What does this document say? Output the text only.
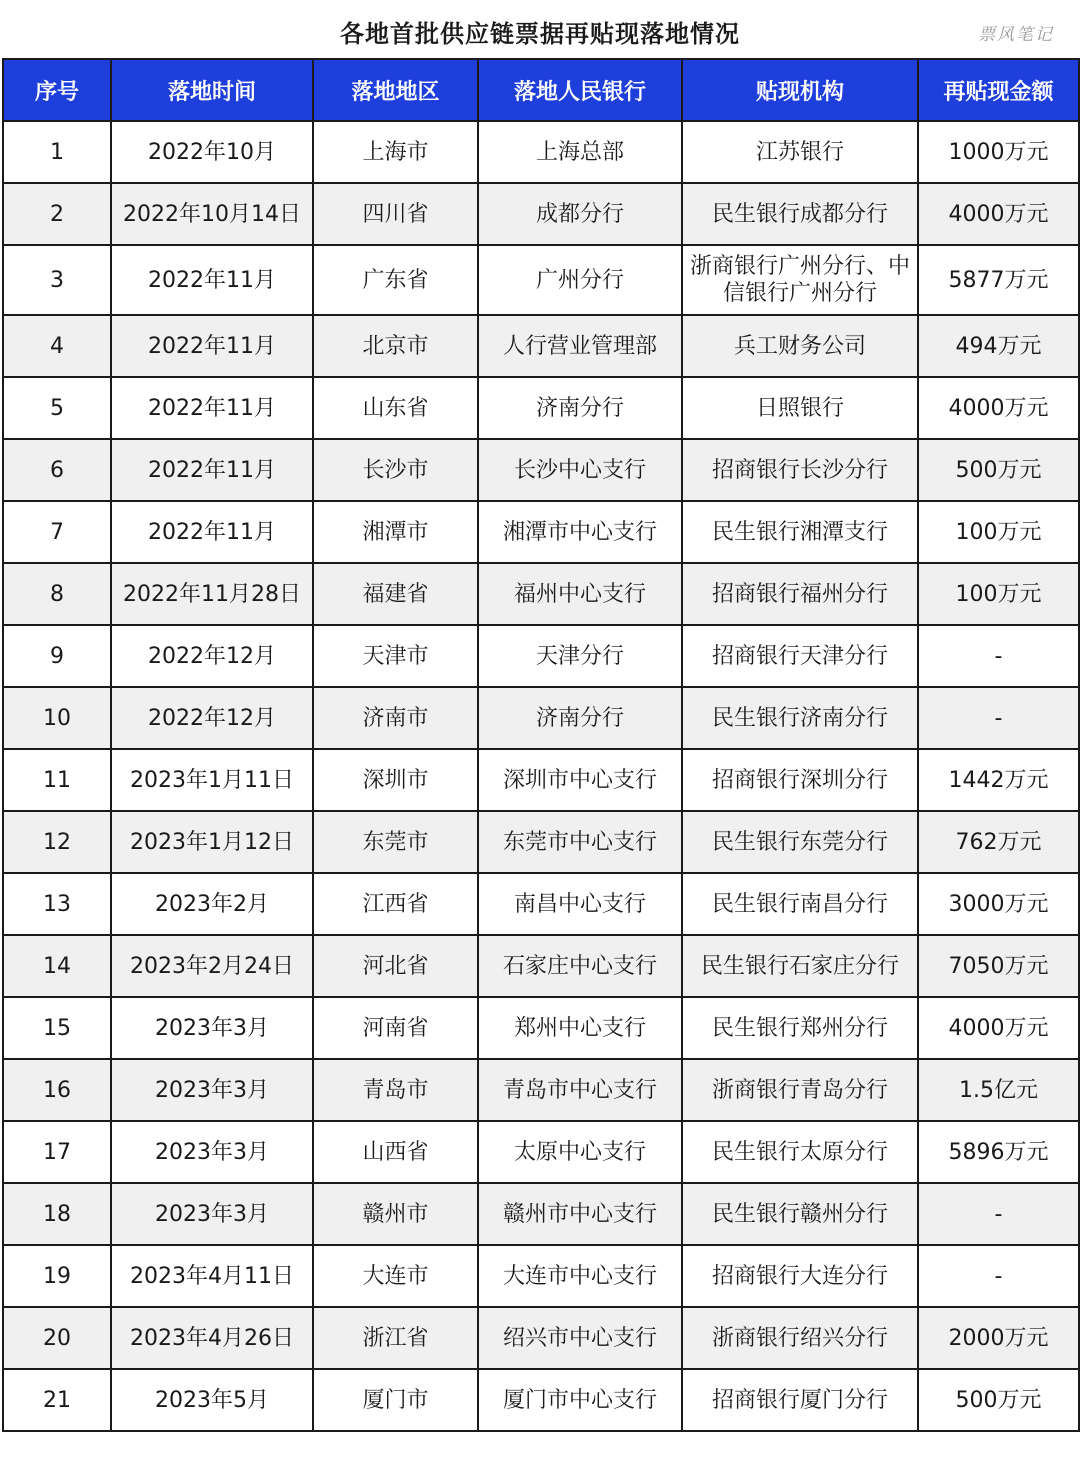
各地首批供应链票据再贴现落地情况	票风笔记
序号	落地时间	落地地区	落地人民银行	贴现机构	再贴现金额
1	2022年10月	上海市	上海总部	江苏银行	1000万元
2	2022年10月14日	四川省	成都分行	民生银行成都分行	4000万元
3	2022年11月	广东省	广州分行	浙商银行广州分行、中信银行广州分行	5877万元
4	2022年11月	北京市	人行营业管理部	兵工财务公司	494万元
5	2022年11月	山东省	济南分行	日照银行	4000万元
6	2022年11月	长沙市	长沙中心支行	招商银行长沙分行	500万元
7	2022年11月	湘潭市	湘潭市中心支行	民生银行湘潭支行	100万元
8	2022年11月28日	福建省	福州中心支行	招商银行福州分行	100万元
9	2022年12月	天津市	天津分行	招商银行天津分行	-
10	2022年12月	济南市	济南分行	民生银行济南分行	-
11	2023年1月11日	深圳市	深圳市中心支行	招商银行深圳分行	1442万元
12	2023年1月12日	东莞市	东莞市中心支行	民生银行东莞分行	762万元
13	2023年2月	江西省	南昌中心支行	民生银行南昌分行	3000万元
14	2023年2月24日	河北省	石家庄中心支行	民生银行石家庄分行	7050万元
15	2023年3月	河南省	郑州中心支行	民生银行郑州分行	4000万元
16	2023年3月	青岛市	青岛市中心支行	浙商银行青岛分行	1.5亿元
17	2023年3月	山西省	太原中心支行	民生银行太原分行	5896万元
18	2023年3月	赣州市	赣州市中心支行	民生银行赣州分行	-
19	2023年4月11日	大连市	大连市中心支行	招商银行大连分行	-
20	2023年4月26日	浙江省	绍兴市中心支行	浙商银行绍兴分行	2000万元
21	2023年5月	厦门市	厦门市中心支行	招商银行厦门分行	500万元
